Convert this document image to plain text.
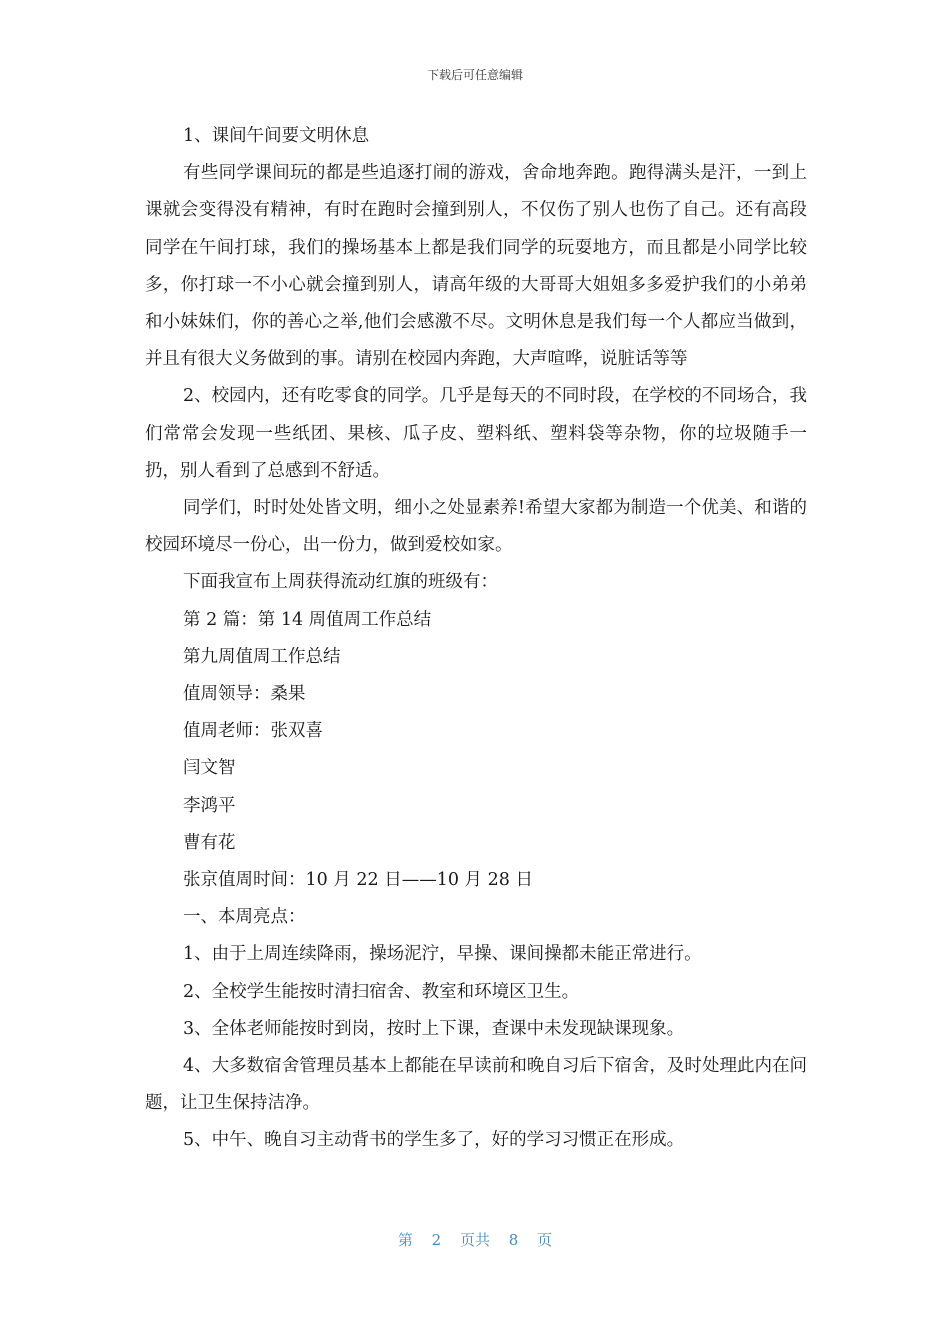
下载后可任意编辑

1、课间午间要文明休息

有些同学课间玩的都是些追逐打闹的游戏，舍命地奔跑。跑得满头是汗，一到上课就会变得没有精神，有时在跑时会撞到别人，不仅伤了别人也伤了自己。还有高段同学在午间打球，我们的操场基本上都是我们同学的玩耍地方，而且都是小同学比较多，你打球一不小心就会撞到别人，请高年级的大哥哥大姐姐多多爱护我们的小弟弟和小妹妹们，你的善心之举,他们会感激不尽。文明休息是我们每一个人都应当做到，并且有很大义务做到的事。请别在校园内奔跑，大声喧哗，说脏话等等

2、校园内，还有吃零食的同学。几乎是每天的不同时段，在学校的不同场合，我们常常会发现一些纸团、果核、瓜子皮、塑料纸、塑料袋等杂物，你的垃圾随手一扔，别人看到了总感到不舒适。

同学们，时时处处皆文明，细小之处显素养!希望大家都为制造一个优美、和谐的校园环境尽一份心，出一份力，做到爱校如家。

下面我宣布上周获得流动红旗的班级有：

第 2 篇：第 14 周值周工作总结

第九周值周工作总结

值周领导：桑果

值周老师：张双喜

闫文智

李鸿平

曹有花

张京值周时间：10 月 22 日——10 月 28 日

一、本周亮点：

1、由于上周连续降雨，操场泥泞，早操、课间操都未能正常进行。

2、全校学生能按时清扫宿舍、教室和环境区卫生。

3、全体老师能按时到岗，按时上下课，查课中未发现缺课现象。

4、大多数宿舍管理员基本上都能在早读前和晚自习后下宿舍，及时处理此内在问题，让卫生保持洁净。

5、中午、晚自习主动背书的学生多了，好的学习习惯正在形成。

第 2 页共 8 页
